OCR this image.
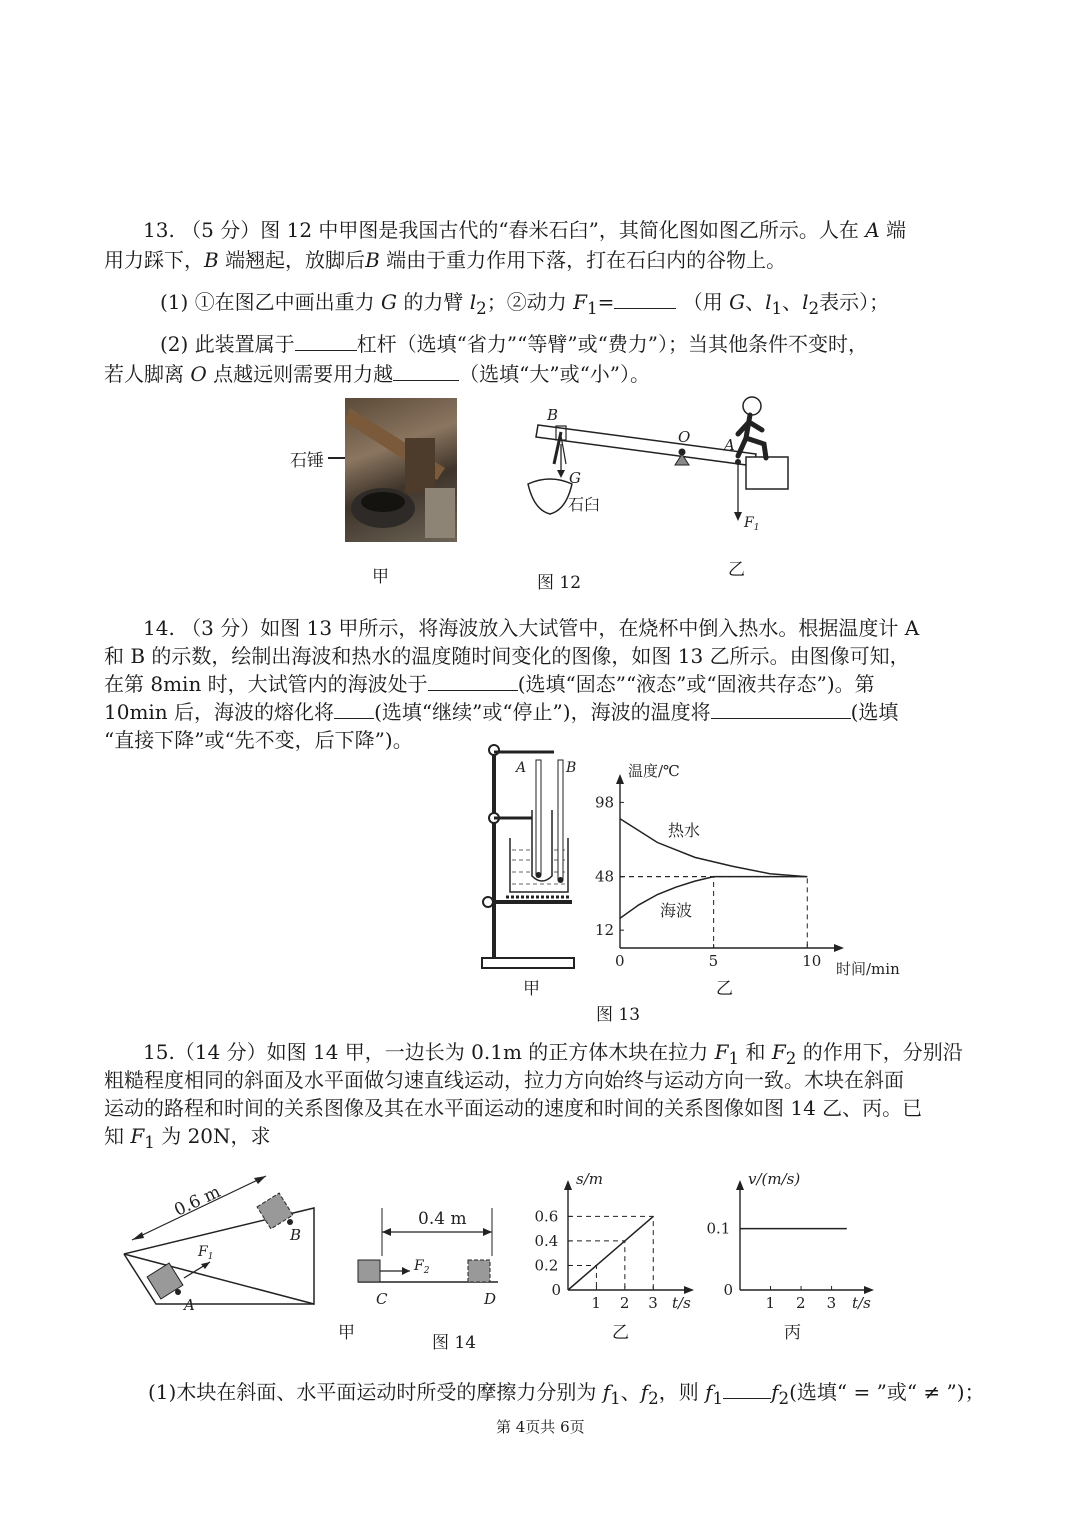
13. （5 分）图 12 中甲图是我国古代的“舂米石臼”，其简化图如图乙所示。人在 A 端
用力踩下，B 端翘起，放脚后B 端由于重力作用下落，打在石臼内的谷物上。
(1) ①在图乙中画出重力 G 的力臂 $l_2$；②动力 $F_1=$	（用 G、$l_1$、$l_2$表示）；
(2) 此装置属于	杠杆（选填“省力”“等臂”或“费力”）；当其他条件不变时，
若人脚离 O 点越远则需要用力越	（选填“大”或“小”）。
石锤
甲
G
B
石臼
O A
$F_1$
图 12
乙
14. （3 分）如图 13 甲所示，将海波放入大试管中，在烧杯中倒入热水。根据温度计 A
和 B 的示数，绘制出海波和热水的温度随时间变化的图像，如图 13 乙所示。由图像可知，
在第 8min 时，大试管内的海波处于	(选填“固态”“液态”或“固液共存态”)。第
10min 后，海波的熔化将 (选填“继续”或“停止”)，海波的温度将	(选填
“直接下降”或“先不变，后下降”)。
A	B
甲
温度/℃
时间/min
热水
海波
0	5	10
12
48
98
乙
图 13
15.（14 分）如图 14 甲，一边长为 0.1m 的正方体木块在拉力 $F_1$ 和 $F_2$ 的作用下，分别沿
粗糙程度相同的斜面及水平面做匀速直线运动，拉力方向始终与运动方向一致。木块在斜面
运动的路程和时间的关系图像及其在水平面运动的速度和时间的关系图像如图 14 乙、丙。已
知 $F_1$ 为 20N，求
0.6 m
$F_1$
A
B
甲
0.4 m
$F_2$
C	D
图 14
s/m
t/s
1 2 3
0
0.2
0.4
0.6
乙
v/(m/s)
t/s
1 2 3
0
0.1
丙
(1)木块在斜面、水平面运动时所受的摩擦力分别为 $f_1$、$f_2$，则 $f_1$ $f_2$(选填“ = ”或“ ≠ ”)；
第 4页共 6页
